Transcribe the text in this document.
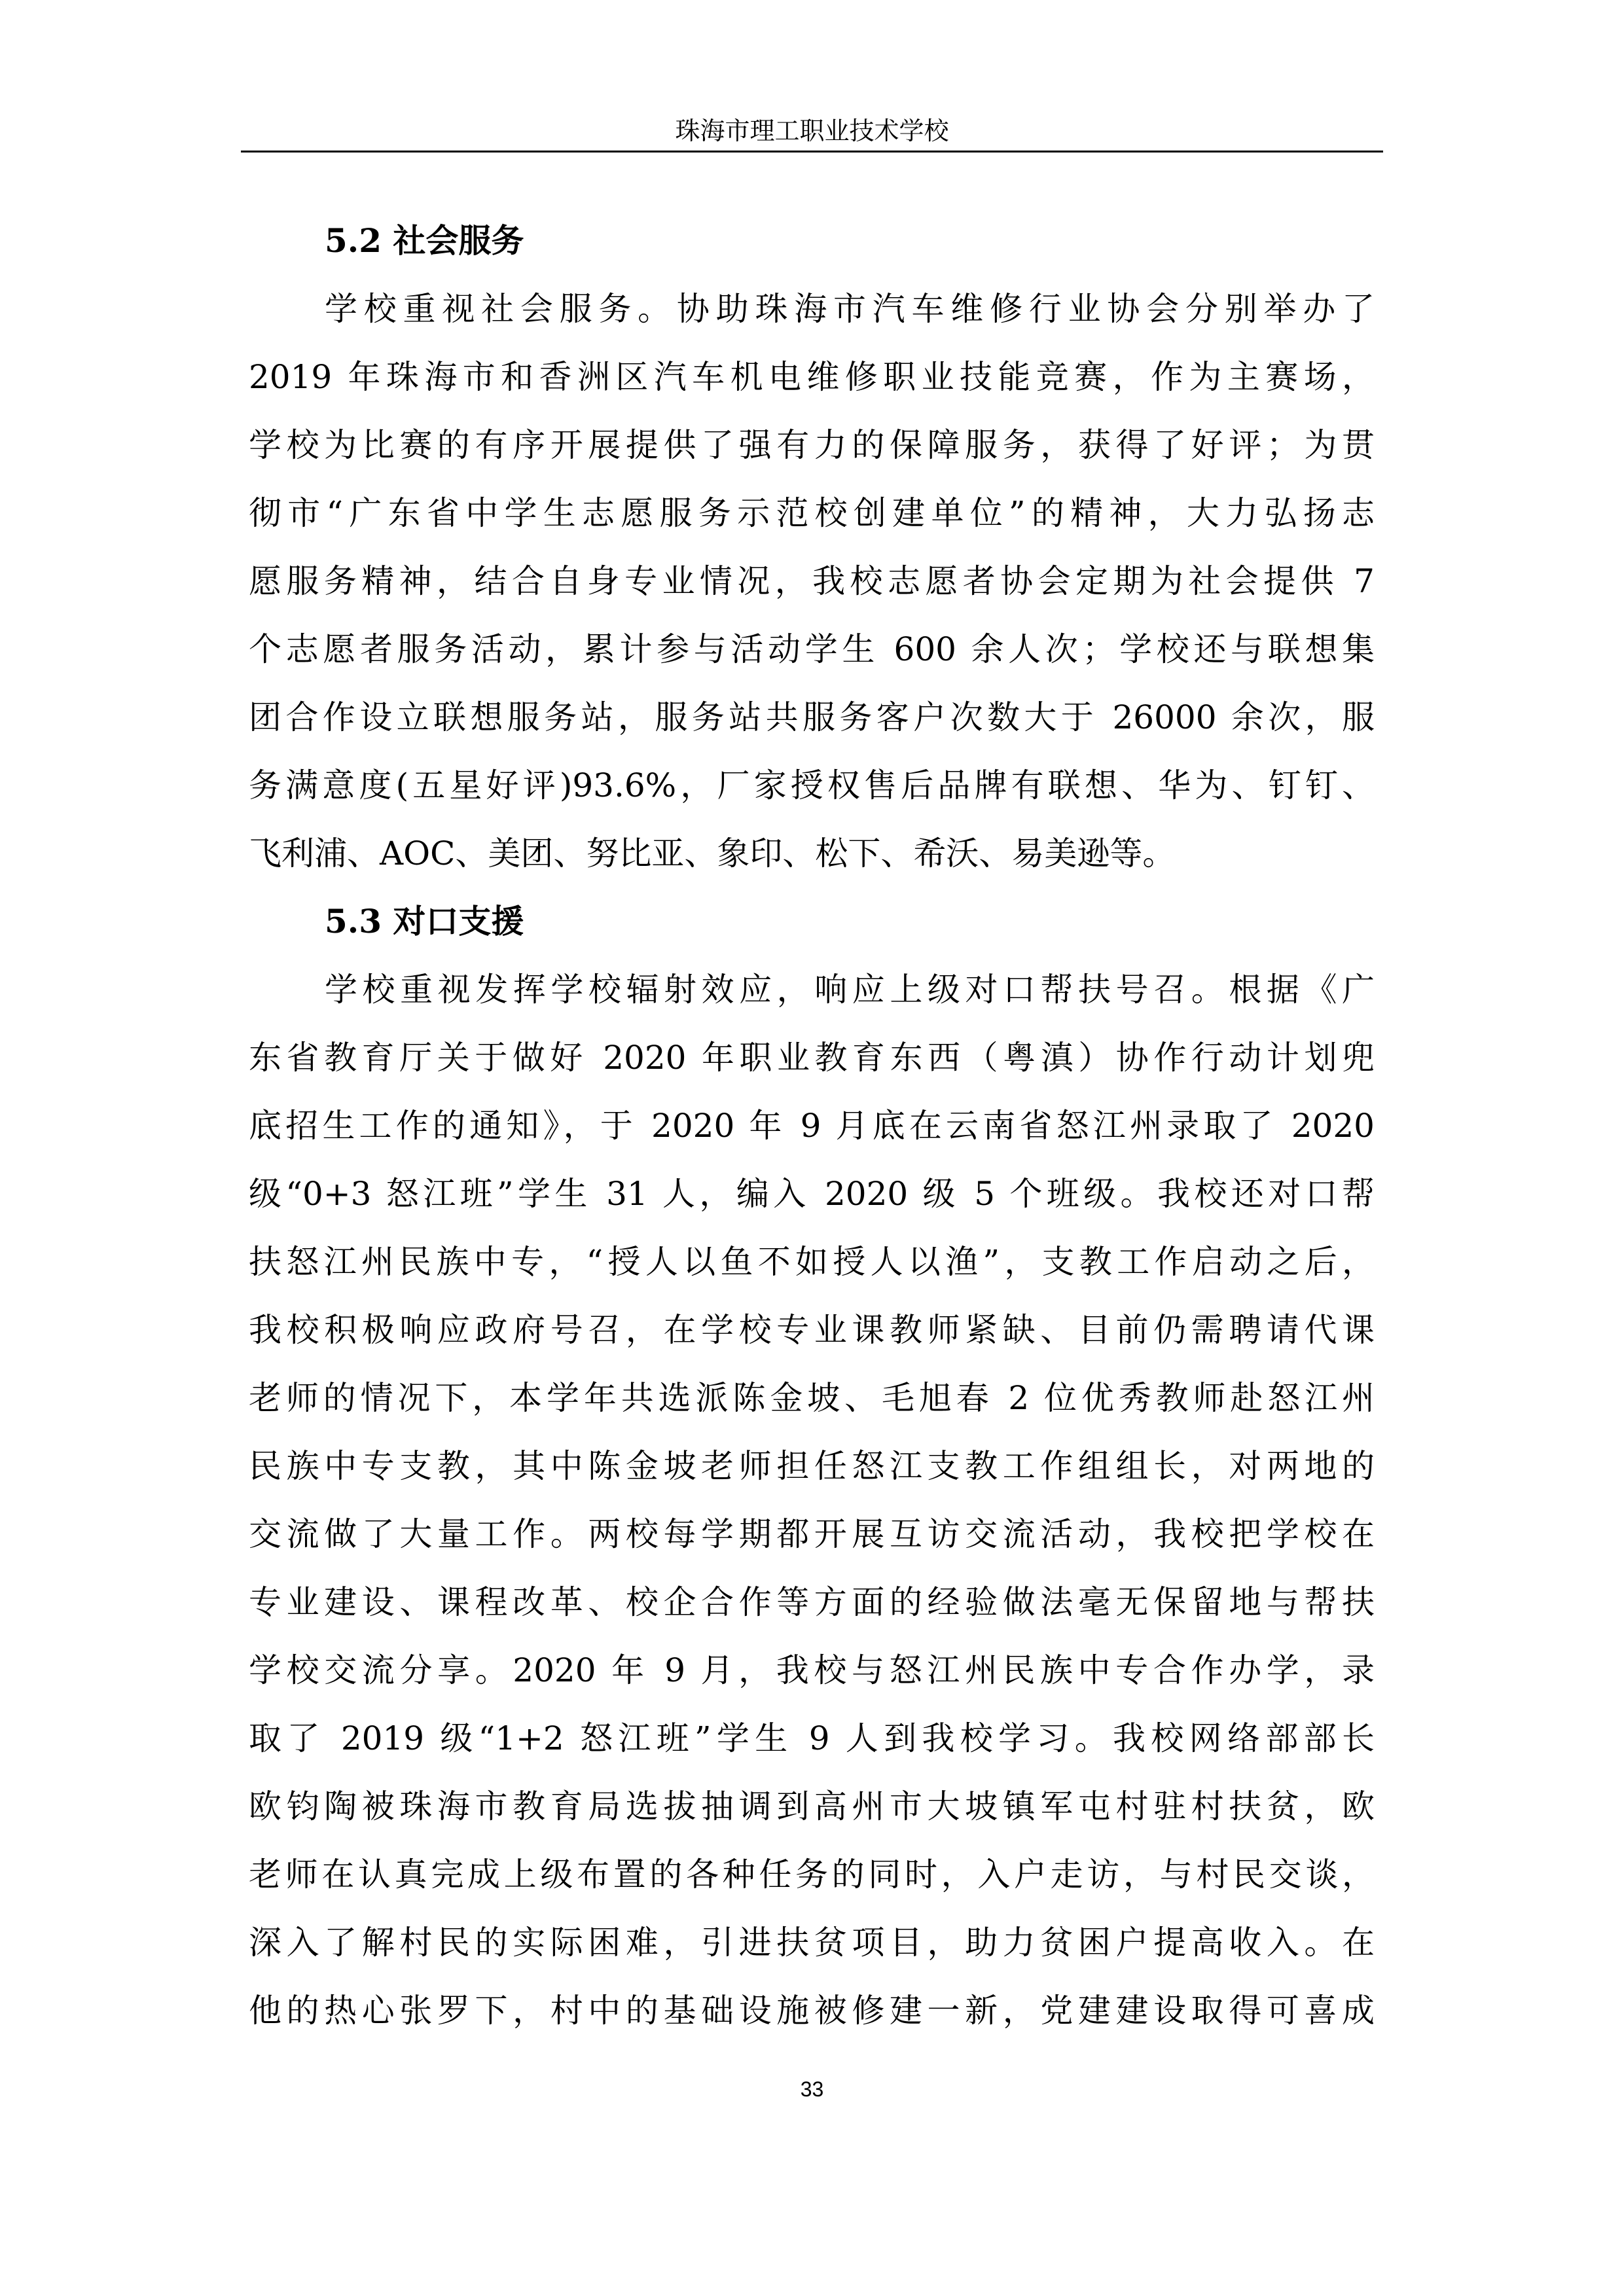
珠海市理工职业技术学校
5.2 社会服务
学校重视社会服务。协助珠海市汽车维修行业协会分别举办了
2019 年珠海市和香洲区汽车机电维修职业技能竞赛，作为主赛场，
学校为比赛的有序开展提供了强有力的保障服务，获得了好评；为贯
彻市“广东省中学生志愿服务示范校创建单位”的精神，大力弘扬志
愿服务精神，结合自身专业情况，我校志愿者协会定期为社会提供 7
个志愿者服务活动，累计参与活动学生 600 余人次；学校还与联想集
团合作设立联想服务站，服务站共服务客户次数大于 26000 余次，服
务满意度(五星好评)93.6%，厂家授权售后品牌有联想、华为、钉钉、
飞利浦、AOC、美团、努比亚、象印、松下、希沃、易美逊等。
5.3 对口支援
学校重视发挥学校辐射效应，响应上级对口帮扶号召。根据《广
东省教育厅关于做好 2020 年职业教育东西（粤滇）协作行动计划兜
底招生工作的通知》，于 2020 年 9 月底在云南省怒江州录取了 2020
级“0+3 怒江班”学生 31 人，编入 2020 级 5 个班级。我校还对口帮
扶怒江州民族中专，“授人以鱼不如授人以渔”，支教工作启动之后，
我校积极响应政府号召，在学校专业课教师紧缺、目前仍需聘请代课
老师的情况下，本学年共选派陈金坡、毛旭春 2 位优秀教师赴怒江州
民族中专支教，其中陈金坡老师担任怒江支教工作组组长，对两地的
交流做了大量工作。两校每学期都开展互访交流活动，我校把学校在
专业建设、课程改革、校企合作等方面的经验做法毫无保留地与帮扶
学校交流分享。2020 年 9 月，我校与怒江州民族中专合作办学，录
取了 2019 级“1+2 怒江班”学生 9 人到我校学习。我校网络部部长
欧钧陶被珠海市教育局选拔抽调到高州市大坡镇军屯村驻村扶贫，欧
老师在认真完成上级布置的各种任务的同时，入户走访，与村民交谈，
深入了解村民的实际困难，引进扶贫项目，助力贫困户提高收入。在
他的热心张罗下，村中的基础设施被修建一新，党建建设取得可喜成
33
